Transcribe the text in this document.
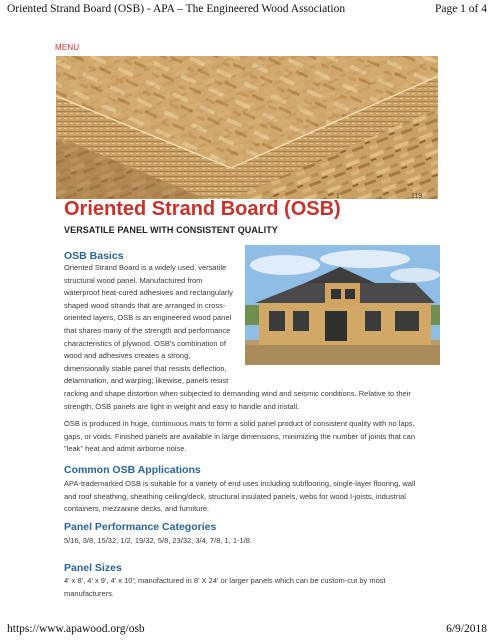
Oriented Strand Board (OSB) - APA – The Engineered Wood Association	Page 1 of 4
MENU
1	119
Oriented Strand Board (OSB)
VERSATILE PANEL WITH CONSISTENT QUALITY
OSB Basics
Oriented Strand Board is a widely used, versatile
structural wood panel. Manufactured from
waterproof heat-cured adhesives and rectangularly
shaped wood strands that are arranged in cross-
oriented layers, OSB is an engineered wood panel
that shares many of the strength and performance
characteristics of plywood. OSB's combination of
wood and adhesives creates a strong,
dimensionally stable panel that resists deflection,
delamination, and warping; likewise, panels resist
racking and shape distortion when subjected to demanding wind and seismic conditions. Relative to their
strength, OSB panels are light in weight and easy to handle and install.
OSB is produced in huge, continuous mats to form a solid panel product of consistent quality with no laps,
gaps, or voids. Finished panels are available in large dimensions, minimizing the number of joints that can
"leak" heat and admit airborne noise.
Common OSB Applications
APA-trademarked OSB is suitable for a variety of end uses including subflooring, single-layer flooring, wall
and roof sheathing, sheathing ceiling/deck, structural insulated panels, webs for wood I-joists, industrial
containers, mezzanine decks, and furniture.
Panel Performance Categories
5/16, 3/8, 15/32, 1/2, 19/32, 5/8, 23/32, 3/4, 7/8, 1, 1-1/8.
Panel Sizes
4' x 8', 4' x 9', 4' x 10'; manufactured in 8' X 24' or larger panels which can be custom-cut by most
manufacturers.
https://www.apawood.org/osb	6/9/2018
